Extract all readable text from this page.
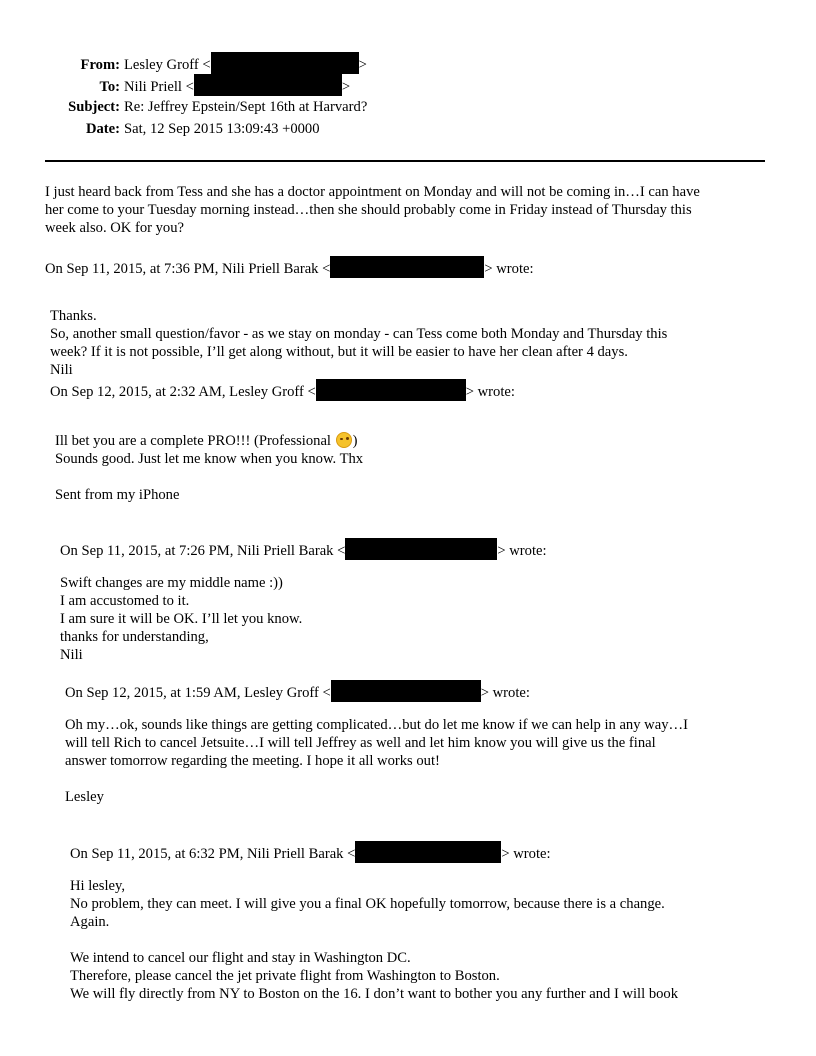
From: Lesley Groff <	>
To: Nili Priell <	>
Subject: Re: Jeffrey Epstein/Sept 16th at Harvard?
Date: Sat, 12 Sep 2015 13:09:43 +0000

I just heard back from Tess and she has a doctor appointment on Monday and will not be coming in…I can have

her come to your Tuesday morning instead…then she should probably come in Friday instead of Thursday this

week also. OK for you?

On Sep 11, 2015, at 7:36 PM, Nili Priell Barak <	> wrote:

Thanks.

So, another small question/favor - as we stay on monday - can Tess come both Monday and Thursday this

week? If it is not possible, I’ll get along without, but it will be easier to have her clean after 4 days.

Nili

On Sep 12, 2015, at 2:32 AM, Lesley Groff <	> wrote:

Ill bet you are a complete PRO!!! (Professional )

Sounds good. Just let me know when you know. Thx

Sent from my iPhone

On Sep 11, 2015, at 7:26 PM, Nili Priell Barak <	> wrote:

Swift changes are my middle name :))

I am accustomed to it.

I am sure it will be OK. I’ll let you know.

thanks for understanding,

Nili

On Sep 12, 2015, at 1:59 AM, Lesley Groff <	> wrote:

Oh my…ok, sounds like things are getting complicated…but do let me know if we can help in any way…I

will tell Rich to cancel Jetsuite…I will tell Jeffrey as well and let him know you will give us the final

answer tomorrow regarding the meeting. I hope it all works out!

Lesley

On Sep 11, 2015, at 6:32 PM, Nili Priell Barak <	> wrote:

Hi lesley,

No problem, they can meet. I will give you a final OK hopefully tomorrow, because there is a change.

Again.

We intend to cancel our flight and stay in Washington DC.

Therefore, please cancel the jet private flight from Washington to Boston.

We will fly directly from NY to Boston on the 16. I don’t want to bother you any further and I will book
